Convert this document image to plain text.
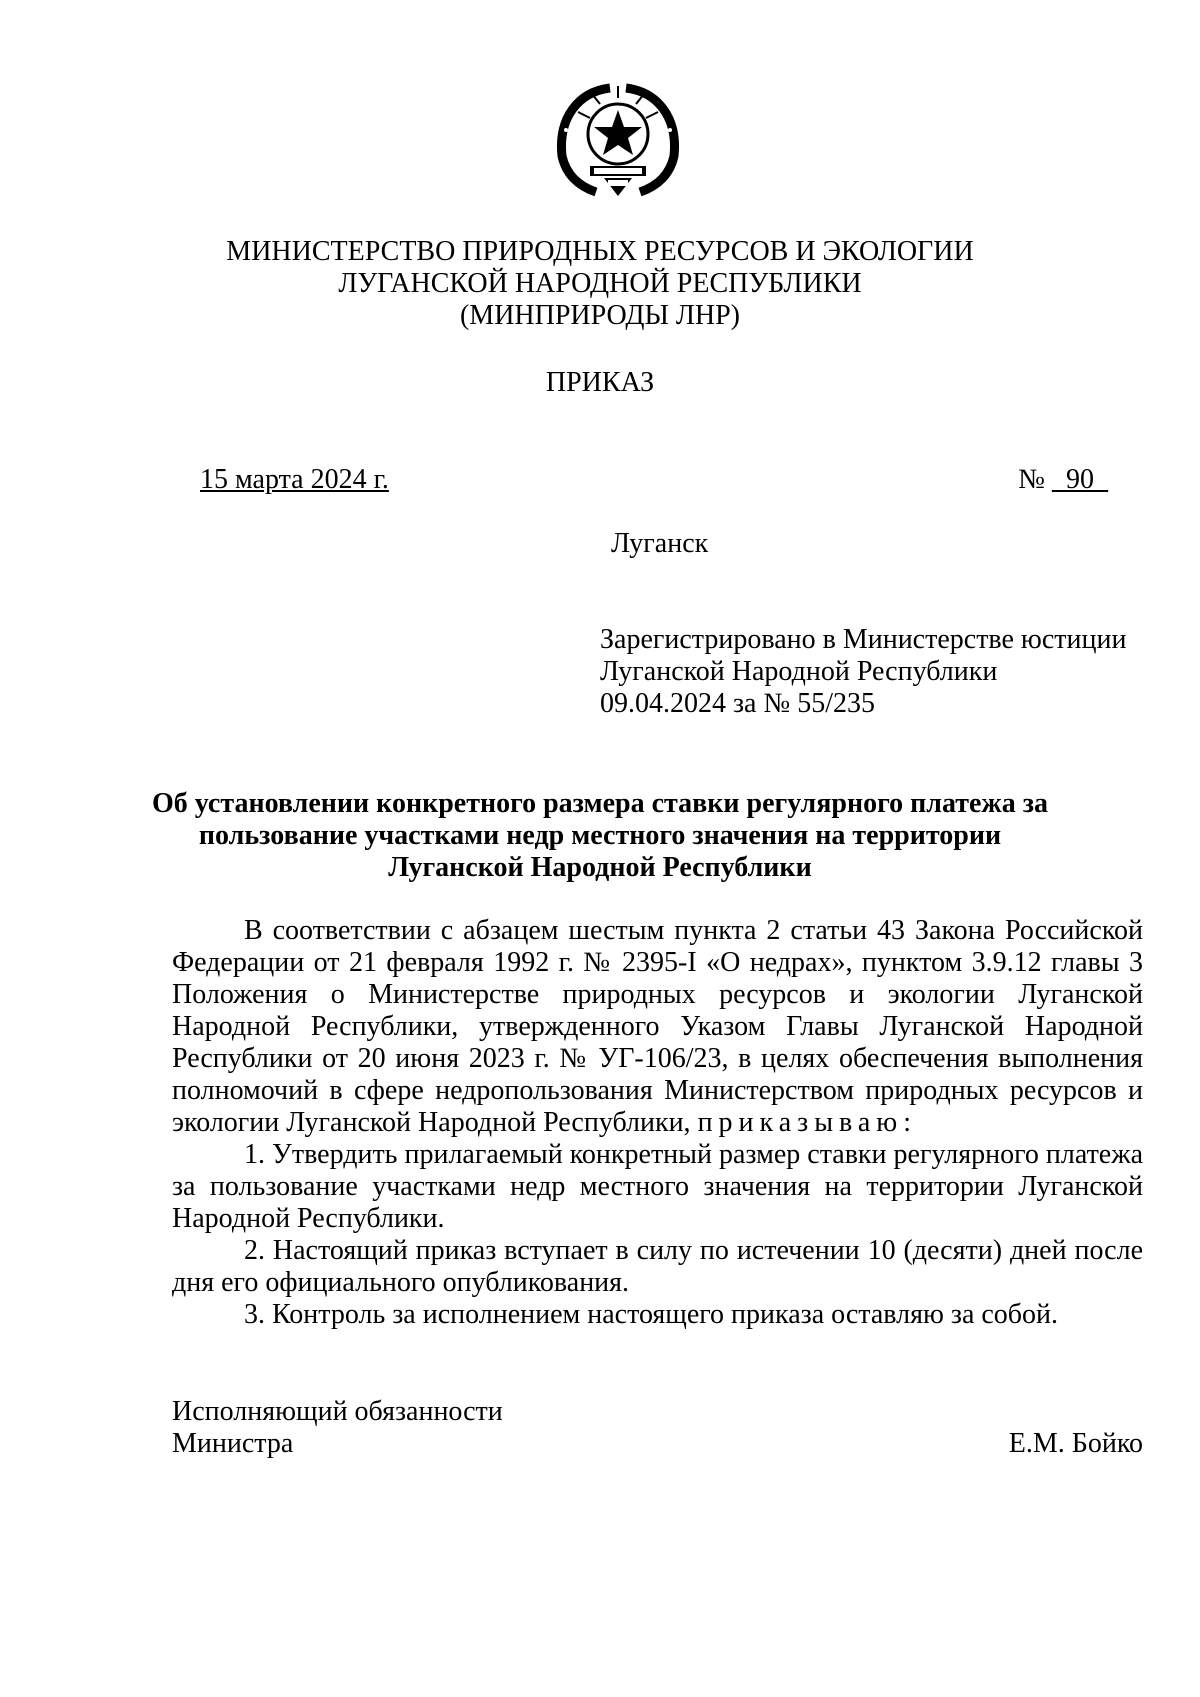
МИНИСТЕРСТВО ПРИРОДНЫХ РЕСУРСОВ И ЭКОЛОГИИ
ЛУГАНСКОЙ НАРОДНОЙ РЕСПУБЛИКИ
(МИНПРИРОДЫ ЛНР)
ПРИКАЗ
15 марта 2024 г.	№ _90_
Луганск
Зарегистрировано в Министерстве юстиции
Луганской Народной Республики
09.04.2024 за № 55/235
Об установлении конкретного размера ставки регулярного платежа за
пользование участками недр местного значения на территории
Луганской Народной Республики

В соответствии с абзацем шестым пункта 2 статьи 43 Закона Российской Федерации от 21 февраля 1992 г. № 2395-I «О недрах», пунктом 3.9.12 главы 3 Положения о Министерстве природных ресурсов и экологии Луганской Народной Республики, утвержденного Указом Главы Луганской Народной Республики от 20 июня 2023 г. № УГ-106/23, в целях обеспечения выполнения полномочий в сфере недропользования Министерством природных ресурсов и экологии Луганской Народной Республики, приказываю:

1. Утвердить прилагаемый конкретный размер ставки регулярного платежа за пользование участками недр местного значения на территории Луганской Народной Республики.

2. Настоящий приказ вступает в силу по истечении 10 (десяти) дней после дня его официального опубликования.

3. Контроль за исполнением настоящего приказа оставляю за собой.

Исполняющий обязанности
Министра	Е.М. Бойко
